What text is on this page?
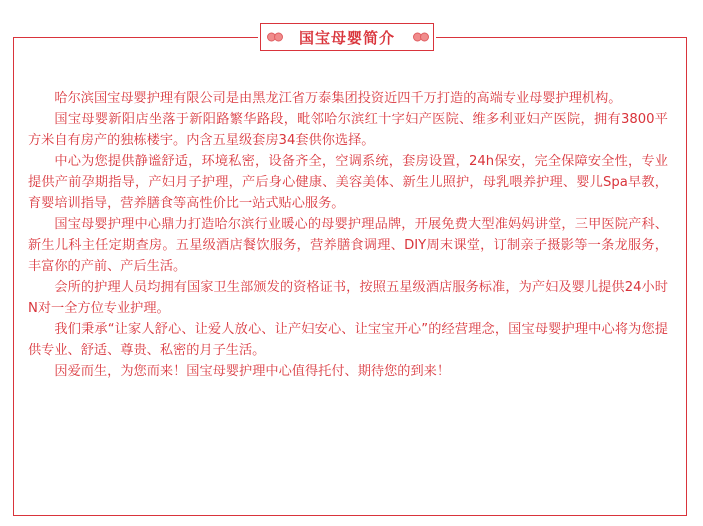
国宝母婴简介

哈尔滨国宝母婴护理有限公司是由黑龙江省万泰集团投资近四千万打造的高端专业母婴护理机构。

国宝母婴新阳店坐落于新阳路繁华路段，毗邻哈尔滨红十字妇产医院、维多利亚妇产医院，拥有3800平方米自有房产的独栋楼宇。内含五星级套房34套供你选择。

中心为您提供静谧舒适，环境私密，设备齐全，空调系统，套房设置，24h保安，完全保障安全性，专业提供产前孕期指导，产妇月子护理，产后身心健康、美容美体、新生儿照护，母乳喂养护理、婴儿Spa早教，育婴培训指导，营养膳食等高性价比一站式贴心服务。

国宝母婴护理中心鼎力打造哈尔滨行业暖心的母婴护理品牌，开展免费大型准妈妈讲堂，三甲医院产科、新生儿科主任定期查房。五星级酒店餐饮服务，营养膳食调理、DIY周末课堂，订制亲子摄影等一条龙服务，丰富你的产前、产后生活。

会所的护理人员均拥有国家卫生部颁发的资格证书，按照五星级酒店服务标准，为产妇及婴儿提供24小时N对一全方位专业护理。

我们秉承“让家人舒心、让爱人放心、让产妇安心、让宝宝开心”的经营理念，国宝母婴护理中心将为您提供专业、舒适、尊贵、私密的月子生活。

因爱而生，为您而来！国宝母婴护理中心值得托付、期待您的到来！
